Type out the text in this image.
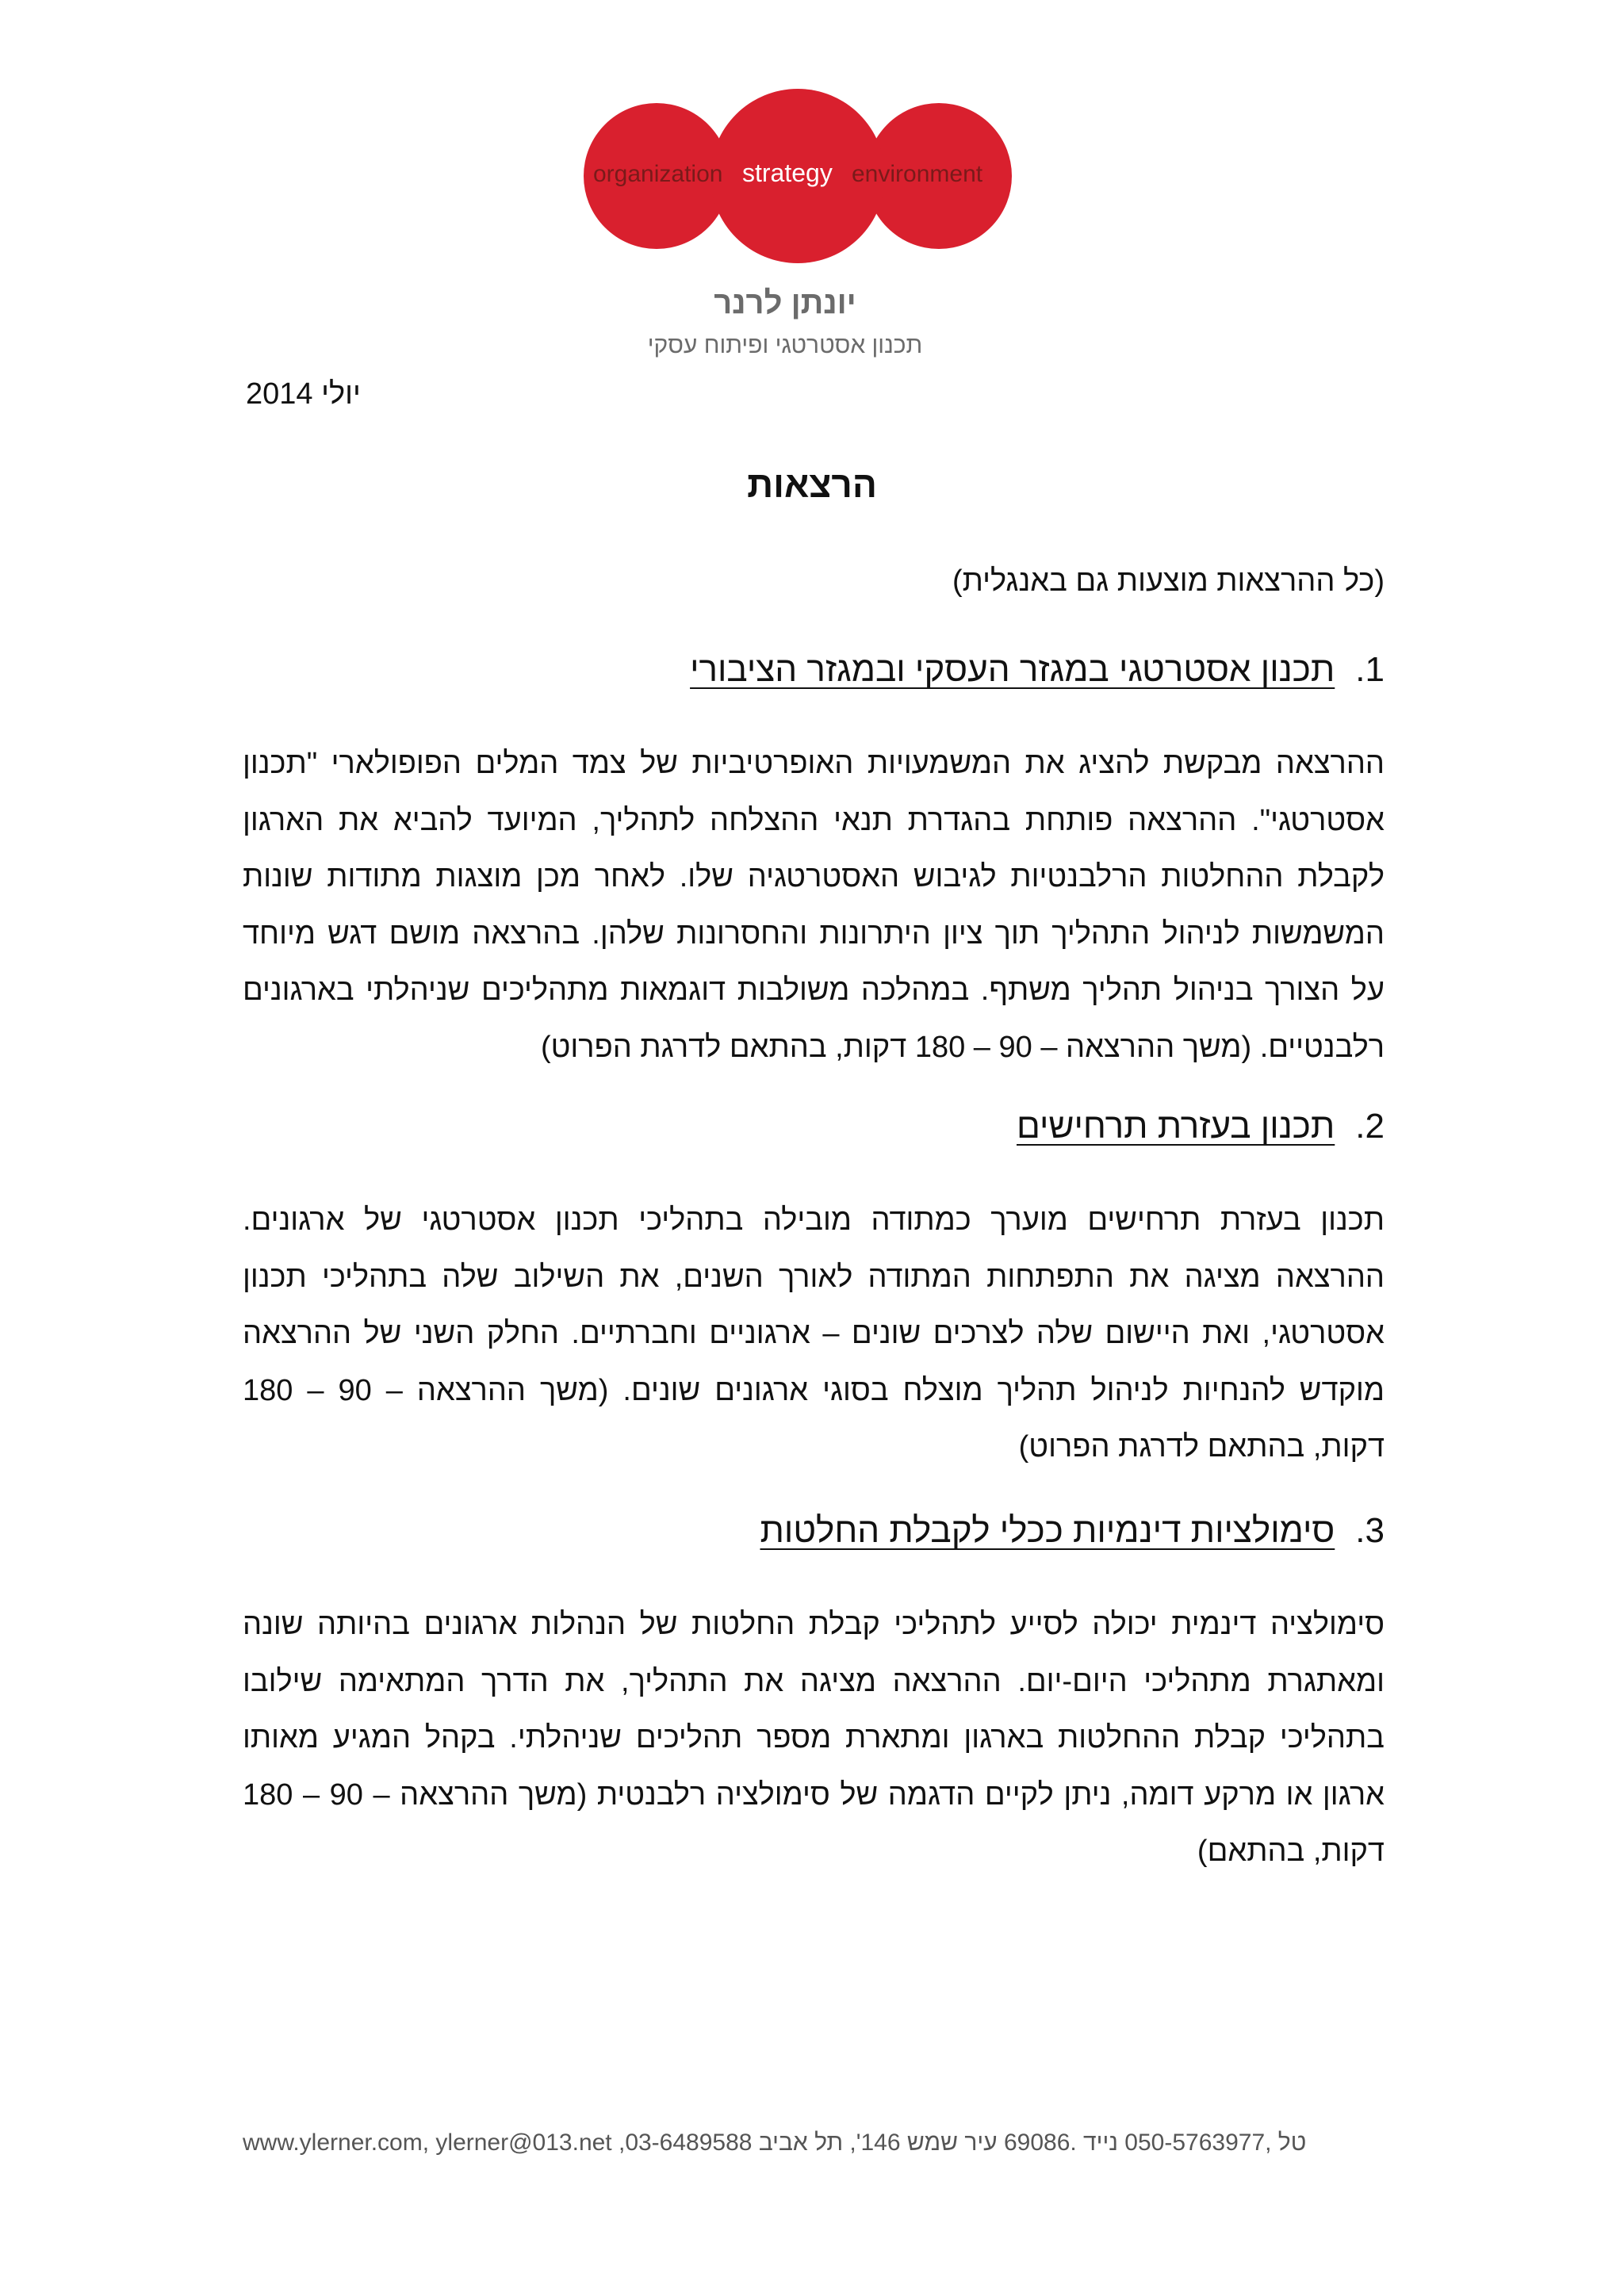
organization strategy environment
יונתן לרנר
תכנון אסטרטגי ופיתוח עסקי
יולי 2014
הרצאות
(כל ההרצאות מוצעות גם באנגלית)
1.תכנון אסטרטגי במגזר העסקי ובמגזר הציבורי
ההרצאה מבקשת להציג את המשמעויות האופרטיביות של צמד המלים הפופולארי "תכנון אסטרטגי". ההרצאה פותחת בהגדרת תנאי ההצלחה לתהליך, המיועד להביא את הארגון לקבלת ההחלטות הרלבנטיות לגיבוש האסטרטגיה שלו. לאחר מכן מוצגות מתודות שונות המשמשות לניהול התהליך תוך ציון היתרונות והחסרונות שלהן. בהרצאה מושם דגש מיוחד על הצורך בניהול תהליך משתף. במהלכה משולבות דוגמאות מתהליכים שניהלתי בארגונים רלבנטיים. (משך ההרצאה – 90 – 180 דקות, בהתאם לדרגת הפרוט)
2.תכנון בעזרת תרחישים
תכנון בעזרת תרחישים מוערך כמתודה מובילה בתהליכי תכנון אסטרטגי של ארגונים. ההרצאה מציגה את התפתחות המתודה לאורך השנים, את השילוב שלה בתהליכי תכנון אסטרטגי, ואת היישום שלה לצרכים שונים – ארגוניים וחברתיים. החלק השני של ההרצאה מוקדש להנחיות לניהול תהליך מוצלח בסוגי ארגונים שונים. (משך ההרצאה – 90 – 180 דקות, בהתאם לדרגת הפרוט)
3.סימולציות דינמיות ככלי לקבלת החלטות
סימולציה דינמית יכולה לסייע לתהליכי קבלת החלטות של הנהלות ארגונים בהיותה שונה ומאתגרת מתהליכי היום-יום. ההרצאה מציגה את התהליך, את הדרך המתאימה שילובו בתהליכי קבלת ההחלטות בארגון ומתארת מספר תהליכים שניהלתי. בקהל המגיע מאותו ארגון או מרקע דומה, ניתן לקיים הדגמה של סימולציה רלבנטית (משך ההרצאה – 90 – 180 דקות, בהתאם)
www.ylerner.com, ylerner@013.net ,03-6489588 טל ,050-5763977 נייד .69086 עיר שמש 146', תל אביב
